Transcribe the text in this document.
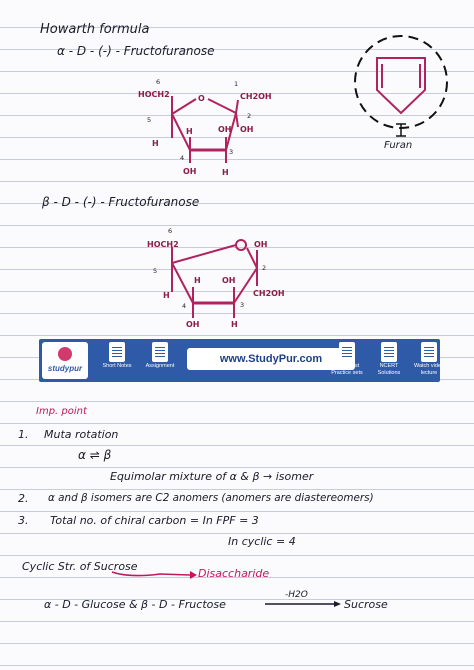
Howarth formula
α - D - (-) - Fructofuranose
HOCH2	O	CH2OH
H
OH
OH
OH
H
H
6	1
5	2
4
3
Furan
β - D - (-) - Fructofuranose
HOCH2	OH
H
H	OH
CH2OH
OH	H
6
5	2
4	3
studypur	Short Notes	Assignment
www.StudyPur.com
MCQ Test Practice sets
NCERT Solutions
Watch video lecture
Imp. point
1. Muta rotation
α ⇌ β
Equimolar mixture of α & β → isomer
2. α and β isomers are C2 anomers (anomers are diastereomers)
3. Total no. of chiral carbon = In FPF = 3
In cyclic = 4
Cyclic Str. of Sucrose
Disaccharide
α - D - Glucose & β - D - Fructose
-H2O
Sucrose
